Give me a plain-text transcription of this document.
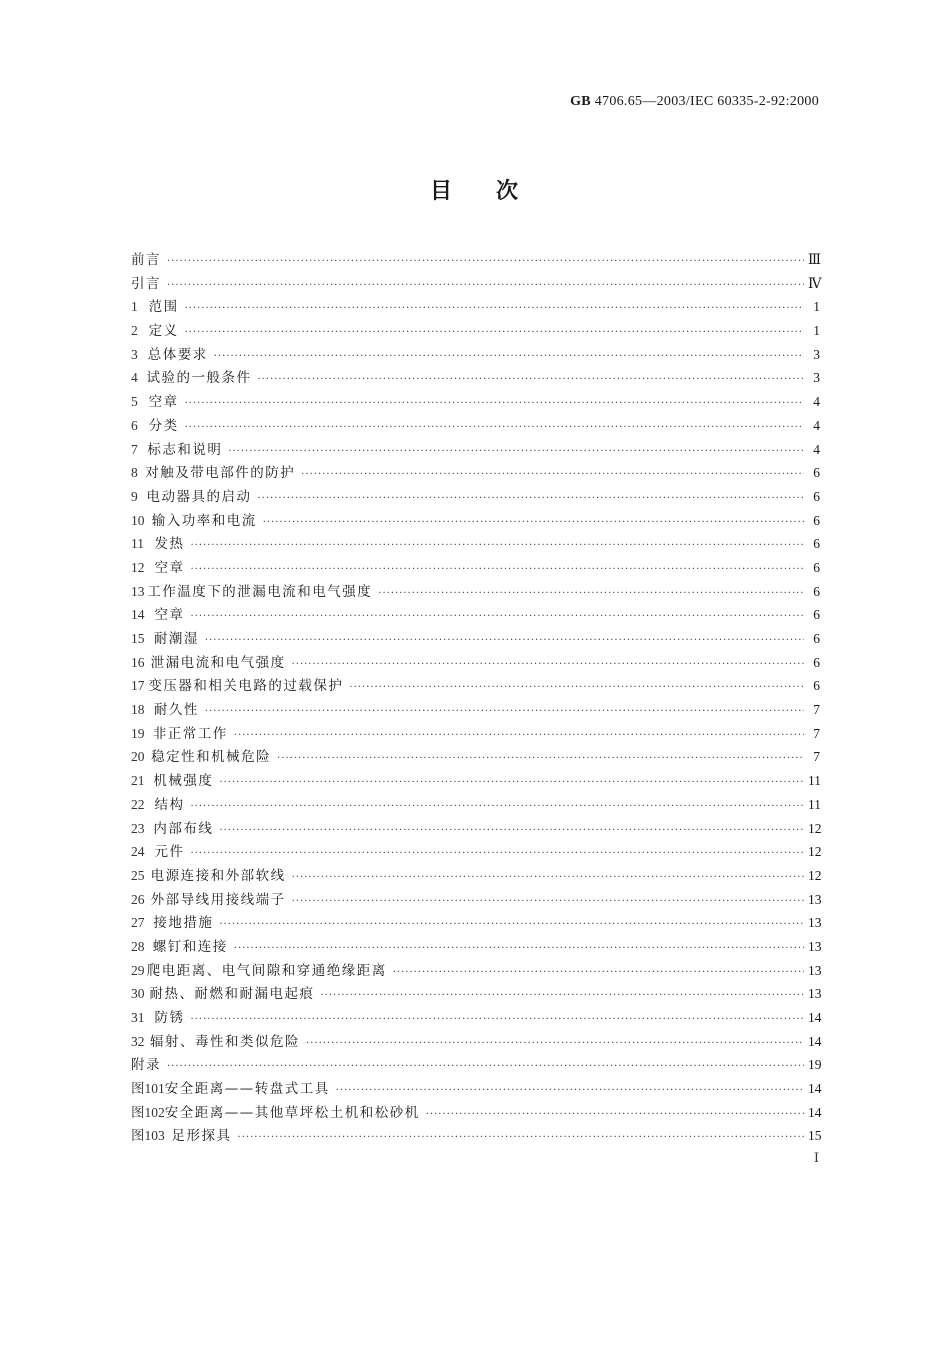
GB 4706.65—2003/IEC 60335-2-92:2000
目 次
前言 ·····	Ⅲ
引言 ·····	Ⅳ
1 范围 ·····	1
2 定义 ·····	1
3 总体要求 ·····	3
4 试验的一般条件 ·····	3
5 空章 ·····	4
6 分类 ·····	4
7 标志和说明 ·····	4
8 对触及带电部件的防护 ·····	6
9 电动器具的启动 ·····	6
10 输入功率和电流 ·····	6
11 发热 ·····	6
12 空章 ·····	6
13 工作温度下的泄漏电流和电气强度 ·····	6
14 空章 ·····	6
15 耐潮湿 ·····	6
16 泄漏电流和电气强度 ·····	6
17 变压器和相关电路的过载保护 ·····	6
18 耐久性 ·····	7
19 非正常工作 ·····	7
20 稳定性和机械危险 ·····	7
21 机械强度 ·····	11
22 结构 ·····	11
23 内部布线 ·····	12
24 元件 ·····	12
25 电源连接和外部软线 ·····	12
26 外部导线用接线端子 ·····	13
27 接地措施 ·····	13
28 螺钉和连接 ·····	13
29 爬电距离、电气间隙和穿通绝缘距离 ·····	13
30 耐热、耐燃和耐漏电起痕 ·····	13
31 防锈 ·····	14
32 辐射、毒性和类似危险 ·····	14
附录 ·····	19
图101 安全距离——转盘式工具 ·····	14
图102 安全距离——其他草坪松土机和松砂机 ·····	14
图103 足形探具 ·····	15
Ⅰ
